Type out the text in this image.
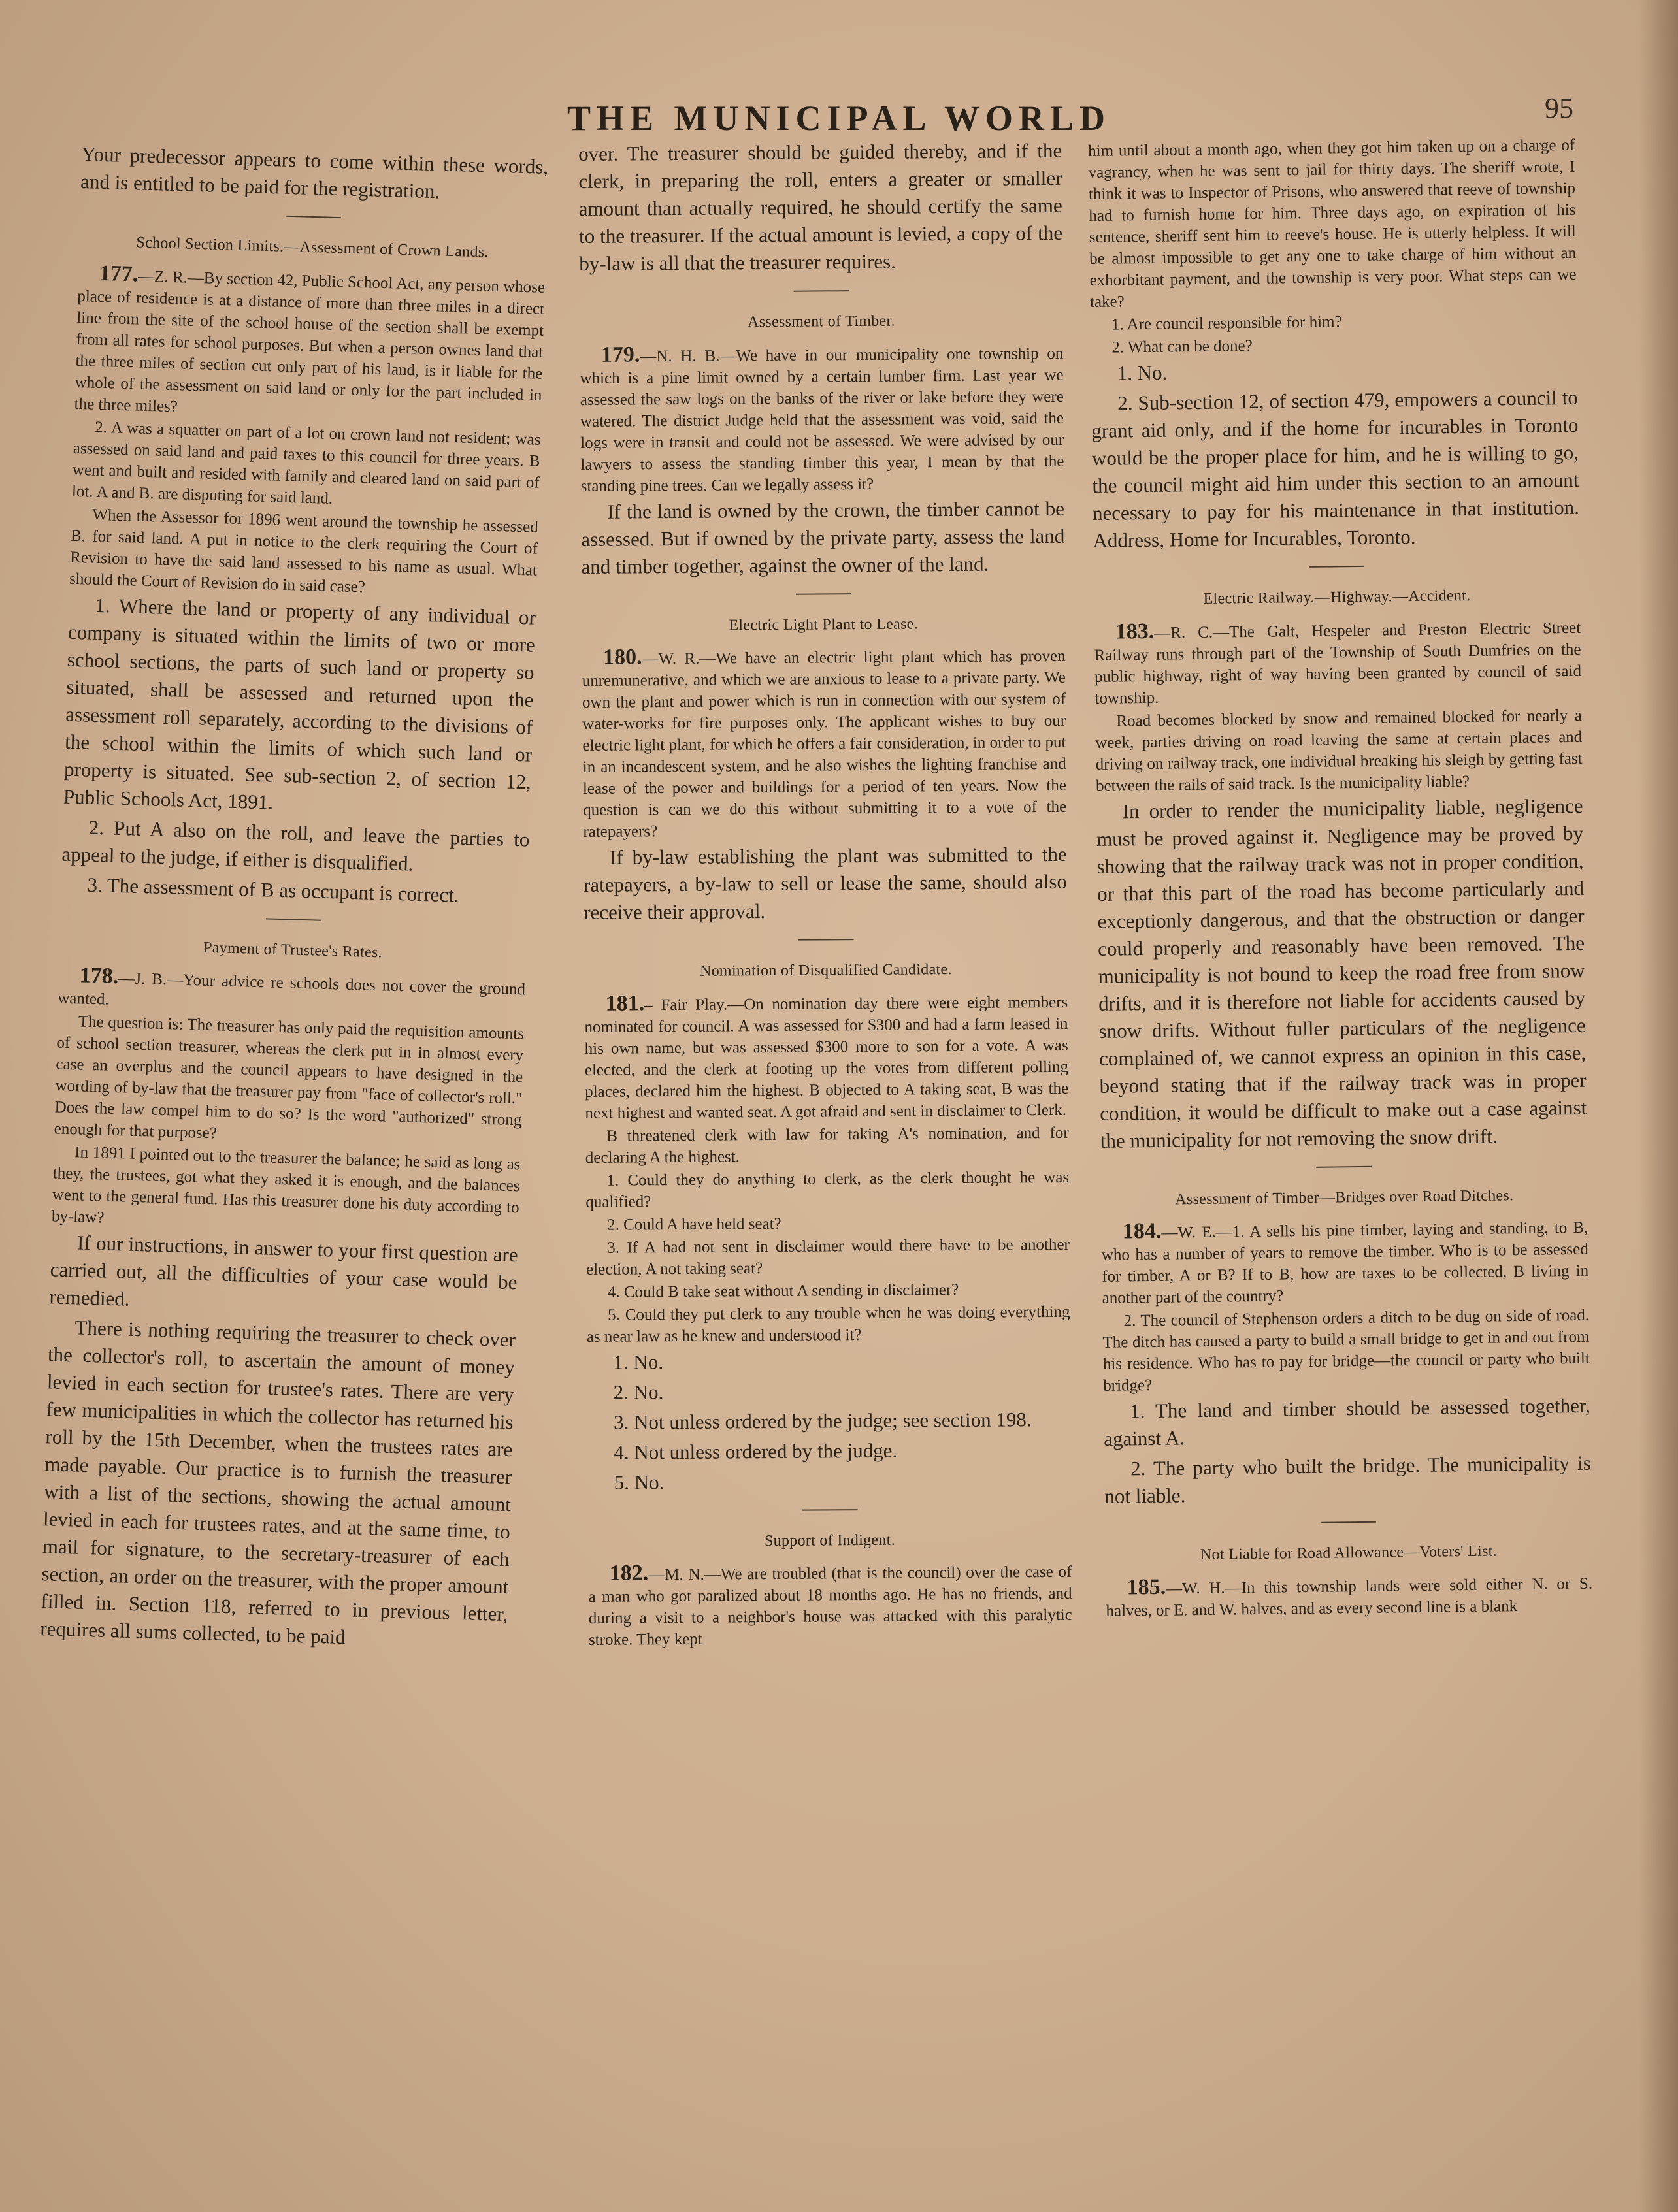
THE MUNICIPAL WORLD	95

Your predecessor appears to come within these words, and is entitled to be paid for the registration.

School Section Limits.—Assessment of Crown Lands.

177.—Z. R.—By section 42, Public School Act, any person whose place of residence is at a distance of more than three miles in a direct line from the site of the school house of the section shall be exempt from all rates for school purposes. But when a person ownes land that the three miles of section cut only part of his land, is it liable for the whole of the assessment on said land or only for the part included in the three miles?

2. A was a squatter on part of a lot on crown land not resident; was assessed on said land and paid taxes to this council for three years. B went and built and resided with family and cleared land on said part of lot. A and B. are disputing for said land.

When the Assessor for 1896 went around the township he assessed B. for said land. A put in notice to the clerk requiring the Court of Revision to have the said land assessed to his name as usual. What should the Court of Revision do in said case?

1. Where the land or property of any individual or company is situated within the limits of two or more school sections, the parts of such land or property so situated, shall be assessed and returned upon the assessment roll separately, according to the divisions of the school within the limits of which such land or property is situated. See sub-section 2, of section 12, Public Schools Act, 1891.

2. Put A also on the roll, and leave the parties to appeal to the judge, if either is disqualified.

3. The assessment of B as occupant is correct.

Payment of Trustee's Rates.

178.—J. B.—Your advice re schools does not cover the ground wanted.

The question is: The treasurer has only paid the requisition amounts of school section treasurer, whereas the clerk put in in almost every case an overplus and the council appears to have designed in the wording of by-law that the treasurer pay from "face of collector's roll." Does the law compel him to do so? Is the word "authorized" strong enough for that purpose?

In 1891 I pointed out to the treasurer the balance; he said as long as they, the trustees, got what they asked it is enough, and the balances went to the general fund. Has this treasurer done his duty according to by-law?

If our instructions, in answer to your first question are carried out, all the difficulties of your case would be remedied.

There is nothing requiring the treasurer to check over the collector's roll, to ascertain the amount of money levied in each section for trustee's rates. There are very few municipalities in which the collector has returned his roll by the 15th December, when the trustees rates are made payable. Our practice is to furnish the treasurer with a list of the sections, showing the actual amount levied in each for trustees rates, and at the same time, to mail for signature, to the secretary-treasurer of each section, an order on the treasurer, with the proper amount filled in. Section 118, referred to in previous letter, requires all sums collected, to be paid

over. The treasurer should be guided thereby, and if the clerk, in preparing the roll, enters a greater or smaller amount than actually required, he should certify the same to the treasurer. If the actual amount is levied, a copy of the by-law is all that the treasurer requires.

Assessment of Timber.

179.—N. H. B.—We have in our municipality one township on which is a pine limit owned by a certain lumber firm. Last year we assessed the saw logs on the banks of the river or lake before they were watered. The district Judge held that the assessment was void, said the logs were in transit and could not be assessed. We were advised by our lawyers to assess the standing timber this year, I mean by that the standing pine trees. Can we legally assess it?

If the land is owned by the crown, the timber cannot be assessed. But if owned by the private party, assess the land and timber together, against the owner of the land.

Electric Light Plant to Lease.

180.—W. R.—We have an electric light plant which has proven unremunerative, and which we are anxious to lease to a private party. We own the plant and power which is run in connection with our system of water-works for fire purposes only. The applicant wishes to buy our electric light plant, for which he offers a fair consideration, in order to put in an incandescent system, and he also wishes the lighting franchise and lease of the power and buildings for a period of ten years. Now the question is can we do this without submitting it to a vote of the ratepayers?

If by-law establishing the plant was submitted to the ratepayers, a by-law to sell or lease the same, should also receive their approval.

Nomination of Disqualified Candidate.

181.– Fair Play.—On nomination day there were eight members nominated for council. A was assessed for $300 and had a farm leased in his own name, but was assessed $300 more to son for a vote. A was elected, and the clerk at footing up the votes from different polling places, declared him the highest. B objected to A taking seat, B was the next highest and wanted seat. A got afraid and sent in disclaimer to Clerk.

B threatened clerk with law for taking A's nomination, and for declaring A the highest.

1. Could they do anything to clerk, as the clerk thought he was qualified?

2. Could A have held seat?

3. If A had not sent in disclaimer would there have to be another election, A not taking seat?

4. Could B take seat without A sending in disclaimer?

5. Could they put clerk to any trouble when he was doing everything as near law as he knew and understood it?

1. No.

2. No.

3. Not unless ordered by the judge; see section 198.

4. Not unless ordered by the judge.

5. No.

Support of Indigent.

182.—M. N.—We are troubled (that is the council) over the case of a man who got paralized about 18 months ago. He has no friends, and during a visit to a neighbor's house was attacked with this paralytic stroke. They kept

him until about a month ago, when they got him taken up on a charge of vagrancy, when he was sent to jail for thirty days. The sheriff wrote, I think it was to Inspector of Prisons, who answered that reeve of township had to furnish home for him. Three days ago, on expiration of his sentence, sheriff sent him to reeve's house. He is utterly helpless. It will be almost impossible to get any one to take charge of him without an exhorbitant payment, and the township is very poor. What steps can we take?

1. Are council responsible for him?

2. What can be done?

1. No.

2. Sub-section 12, of section 479, empowers a council to grant aid only, and if the home for incurables in Toronto would be the proper place for him, and he is willing to go, the council might aid him under this section to an amount necessary to pay for his maintenance in that institution. Address, Home for Incurables, Toronto.

Electric Railway.—Highway.—Accident.

183.—R. C.—The Galt, Hespeler and Preston Electric Street Railway runs through part of the Township of South Dumfries on the public highway, right of way having been granted by council of said township.

Road becomes blocked by snow and remained blocked for nearly a week, parties driving on road leaving the same at certain places and driving on railway track, one individual breaking his sleigh by getting fast between the rails of said track. Is the municipality liable?

In order to render the municipality liable, negligence must be proved against it. Negligence may be proved by showing that the railway track was not in proper condition, or that this part of the road has become particularly and exceptionly dangerous, and that the obstruction or danger could properly and reasonably have been removed. The municipality is not bound to keep the road free from snow drifts, and it is therefore not liable for accidents caused by snow drifts. Without fuller particulars of the negligence complained of, we cannot express an opinion in this case, beyond stating that if the railway track was in proper condition, it would be difficult to make out a case against the municipality for not removing the snow drift.

Assessment of Timber—Bridges over Road Ditches.

184.—W. E.—1. A sells his pine timber, laying and standing, to B, who has a number of years to remove the timber. Who is to be assessed for timber, A or B? If to B, how are taxes to be collected, B living in another part of the country?

2. The council of Stephenson orders a ditch to be dug on side of road. The ditch has caused a party to build a small bridge to get in and out from his residence. Who has to pay for bridge—the council or party who built bridge?

1. The land and timber should be assessed together, against A.

2. The party who built the bridge. The municipality is not liable.

Not Liable for Road Allowance—Voters' List.

185.—W. H.—In this township lands were sold either N. or S. halves, or E. and W. halves, and as every second line is a blank
